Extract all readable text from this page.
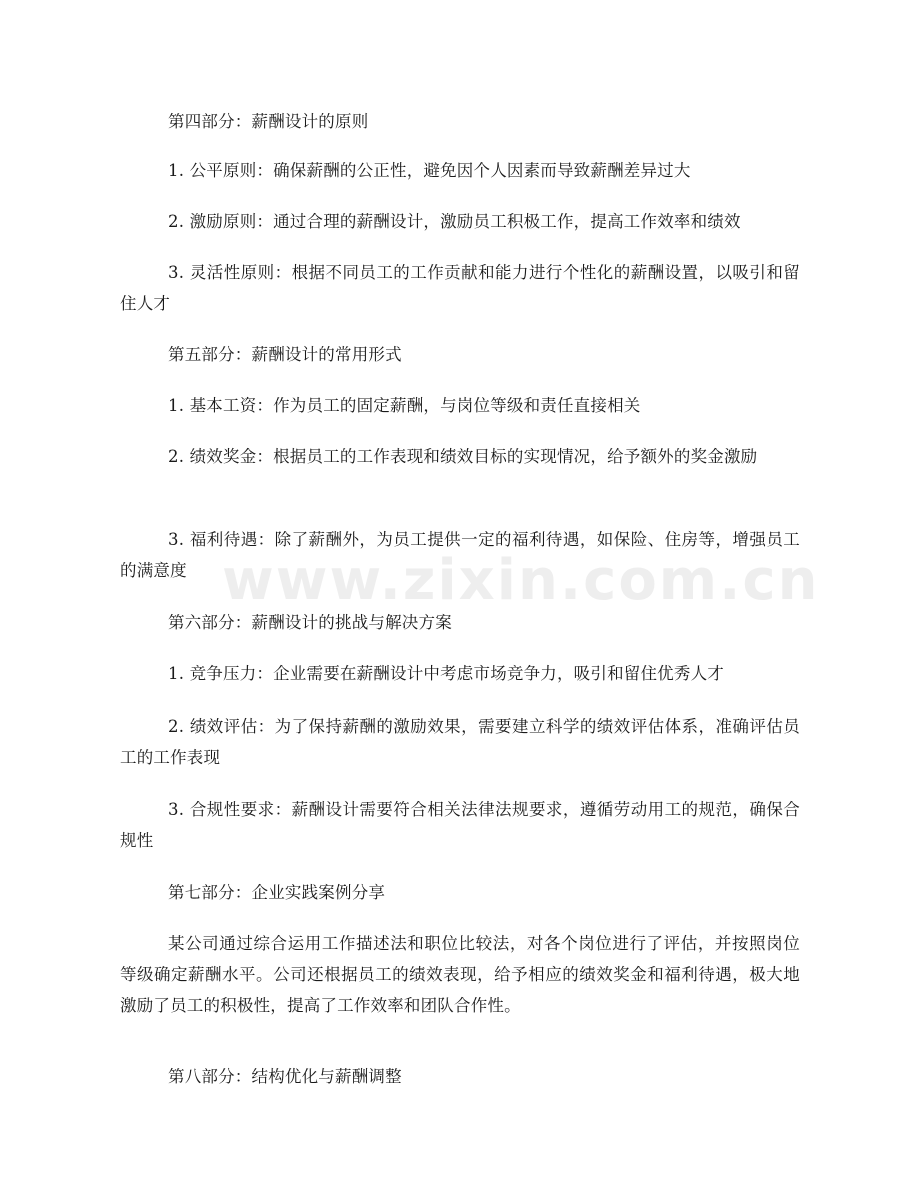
第四部分：薪酬设计的原则

1. 公平原则：确保薪酬的公正性，避免因个人因素而导致薪酬差异过大

2. 激励原则：通过合理的薪酬设计，激励员工积极工作，提高工作效率和绩效

3. 灵活性原则：根据不同员工的工作贡献和能力进行个性化的薪酬设置，以吸引和留住人才

第五部分：薪酬设计的常用形式

1. 基本工资：作为员工的固定薪酬，与岗位等级和责任直接相关

2. 绩效奖金：根据员工的工作表现和绩效目标的实现情况，给予额外的奖金激励

3. 福利待遇：除了薪酬外，为员工提供一定的福利待遇，如保险、住房等，增强员工的满意度

第六部分：薪酬设计的挑战与解决方案

1. 竞争压力：企业需要在薪酬设计中考虑市场竞争力，吸引和留住优秀人才

2. 绩效评估：为了保持薪酬的激励效果，需要建立科学的绩效评估体系，准确评估员工的工作表现

3. 合规性要求：薪酬设计需要符合相关法律法规要求，遵循劳动用工的规范，确保合规性

第七部分：企业实践案例分享

某公司通过综合运用工作描述法和职位比较法，对各个岗位进行了评估，并按照岗位等级确定薪酬水平。公司还根据员工的绩效表现，给予相应的绩效奖金和福利待遇，极大地激励了员工的积极性，提高了工作效率和团队合作性。

第八部分：结构优化与薪酬调整

www.zixin.com.cn
